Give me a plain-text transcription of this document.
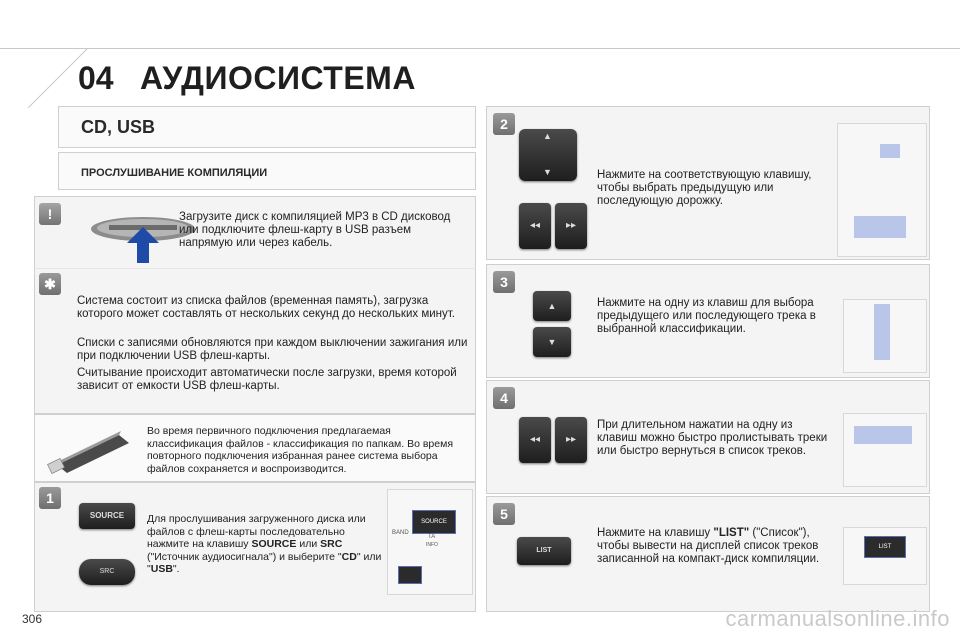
04 АУДИОСИСТЕМА
CD, USB
ПРОСЛУШИВАНИЕ КОМПИЛЯЦИИ
!	Загрузите диск с компиляцией MP3 в CD дисковод или подключите флеш-карту в USB разъем напрямую или через кабель.
✱
Система состоит из списка файлов (временная память), загрузка которого может составлять от нескольких секунд до нескольких минут.
Списки с записями обновляются при каждом выключении зажигания или при подключении USB флеш-карты.
Считывание происходит автоматически после загрузки, время которой зависит от емкости USB флеш-карты.
Во время первичного подключения предлагаемая классификация файлов - классификация по папкам. Во время повторного подключения избранная ранее система выбора файлов сохраняется и воспроизводится.
1
SOURCE
SRC
Для прослушивания загруженного диска или файлов с флеш-карты последовательно нажмите на клавишу SOURCE или SRC ("Источник аудиосигнала") и выберите "CD" или "USB".
BAND
SOURCE
TA
INFO
2
▲
▼
◂◂	▸▸
Нажмите на соответствующую клавишу, чтобы выбрать предыдущую или последующую дорожку.
3
▲
▼
Нажмите на одну из клавиш для выбора предыдущего или последующего трека в выбранной классификации.
4
◂◂	▸▸
При длительном нажатии на одну из клавиш можно быстро пролистывать треки или быстро вернуться в список треков.
5
LIST
Нажмите на клавишу "LIST" ("Список"), чтобы вывести на дисплей список треков записанной на компакт-диск компиляции.
LIST
306	carmanualsonline.info
